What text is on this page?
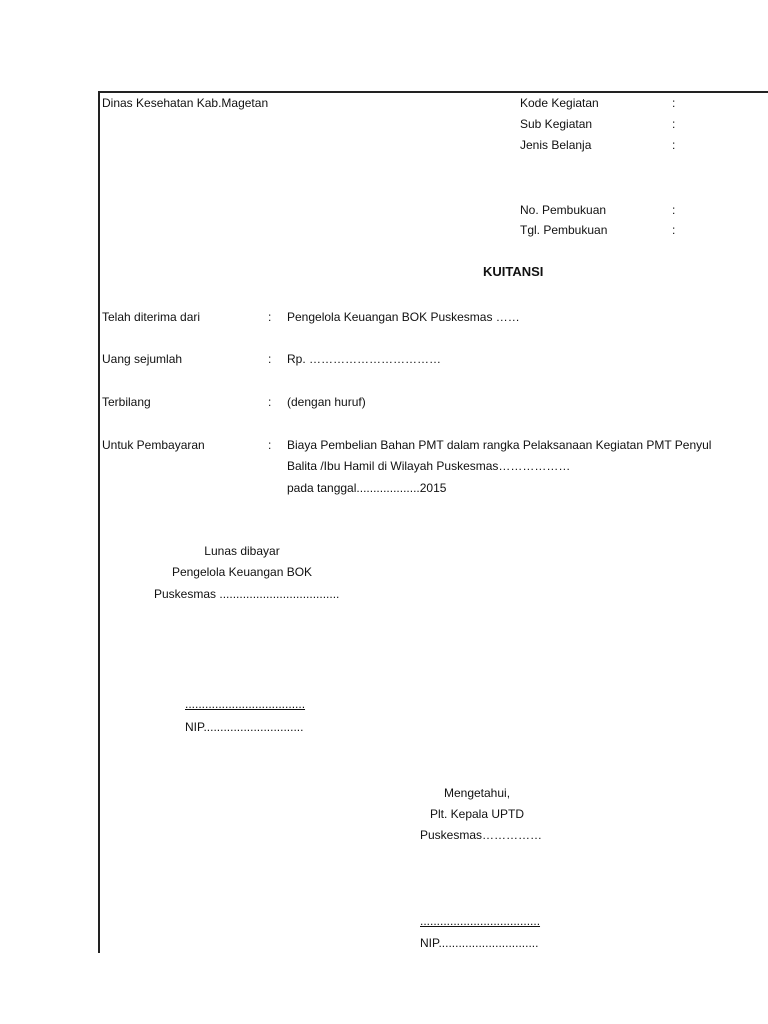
Dinas Kesehatan Kab.Magetan	Kode Kegiatan	:
Sub Kegiatan	:
Jenis Belanja	:
No. Pembukuan	:
Tgl. Pembukuan	:
KUITANSI
Telah diterima dari	: Pengelola Keuangan BOK Puskesmas ……
Uang sejumlah	: Rp. ……………………………
Terbilang	: (dengan huruf)
Untuk Pembayaran	: Biaya Pembelian Bahan PMT dalam rangka Pelaksanaan Kegiatan PMT Penyul
Balita /Ibu Hamil di Wilayah Puskesmas………………
pada tanggal...................2015
Lunas dibayar
Pengelola Keuangan BOK
Puskesmas ....................................
....................................
NIP..............................
Mengetahui,
Plt. Kepala UPTD
Puskesmas……………
....................................
NIP..............................
